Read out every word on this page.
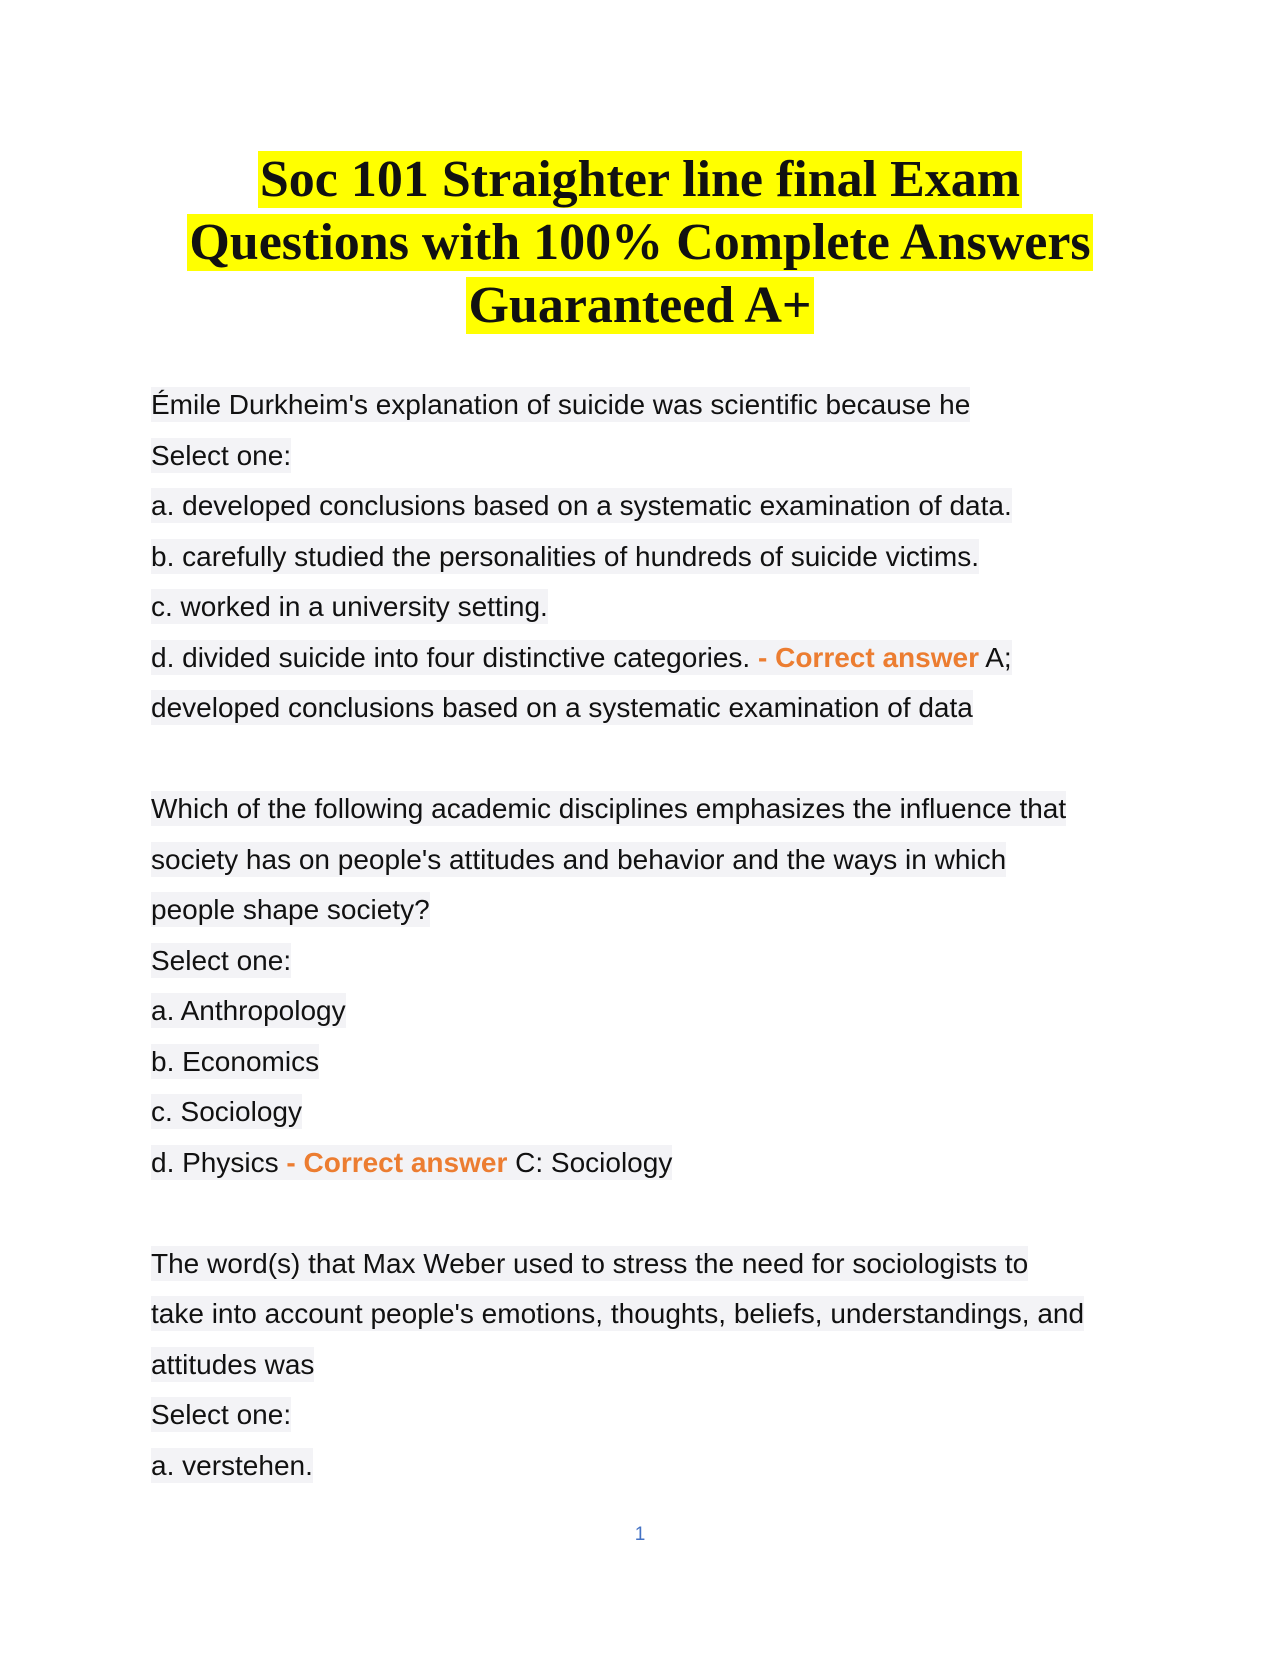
Soc 101 Straighter line final Exam
Questions with 100% Complete Answers
Guaranteed A+
Émile Durkheim's explanation of suicide was scientific because he
Select one:
a. developed conclusions based on a systematic examination of data.
b. carefully studied the personalities of hundreds of suicide victims.
c. worked in a university setting.
d. divided suicide into four distinctive categories. - Correct answer A;
developed conclusions based on a systematic examination of data
Which of the following academic disciplines emphasizes the influence that
society has on people's attitudes and behavior and the ways in which
people shape society?
Select one:
a. Anthropology
b. Economics
c. Sociology
d. Physics - Correct answer C: Sociology
The word(s) that Max Weber used to stress the need for sociologists to
take into account people's emotions, thoughts, beliefs, understandings, and
attitudes was
Select one:
a. verstehen.
1
